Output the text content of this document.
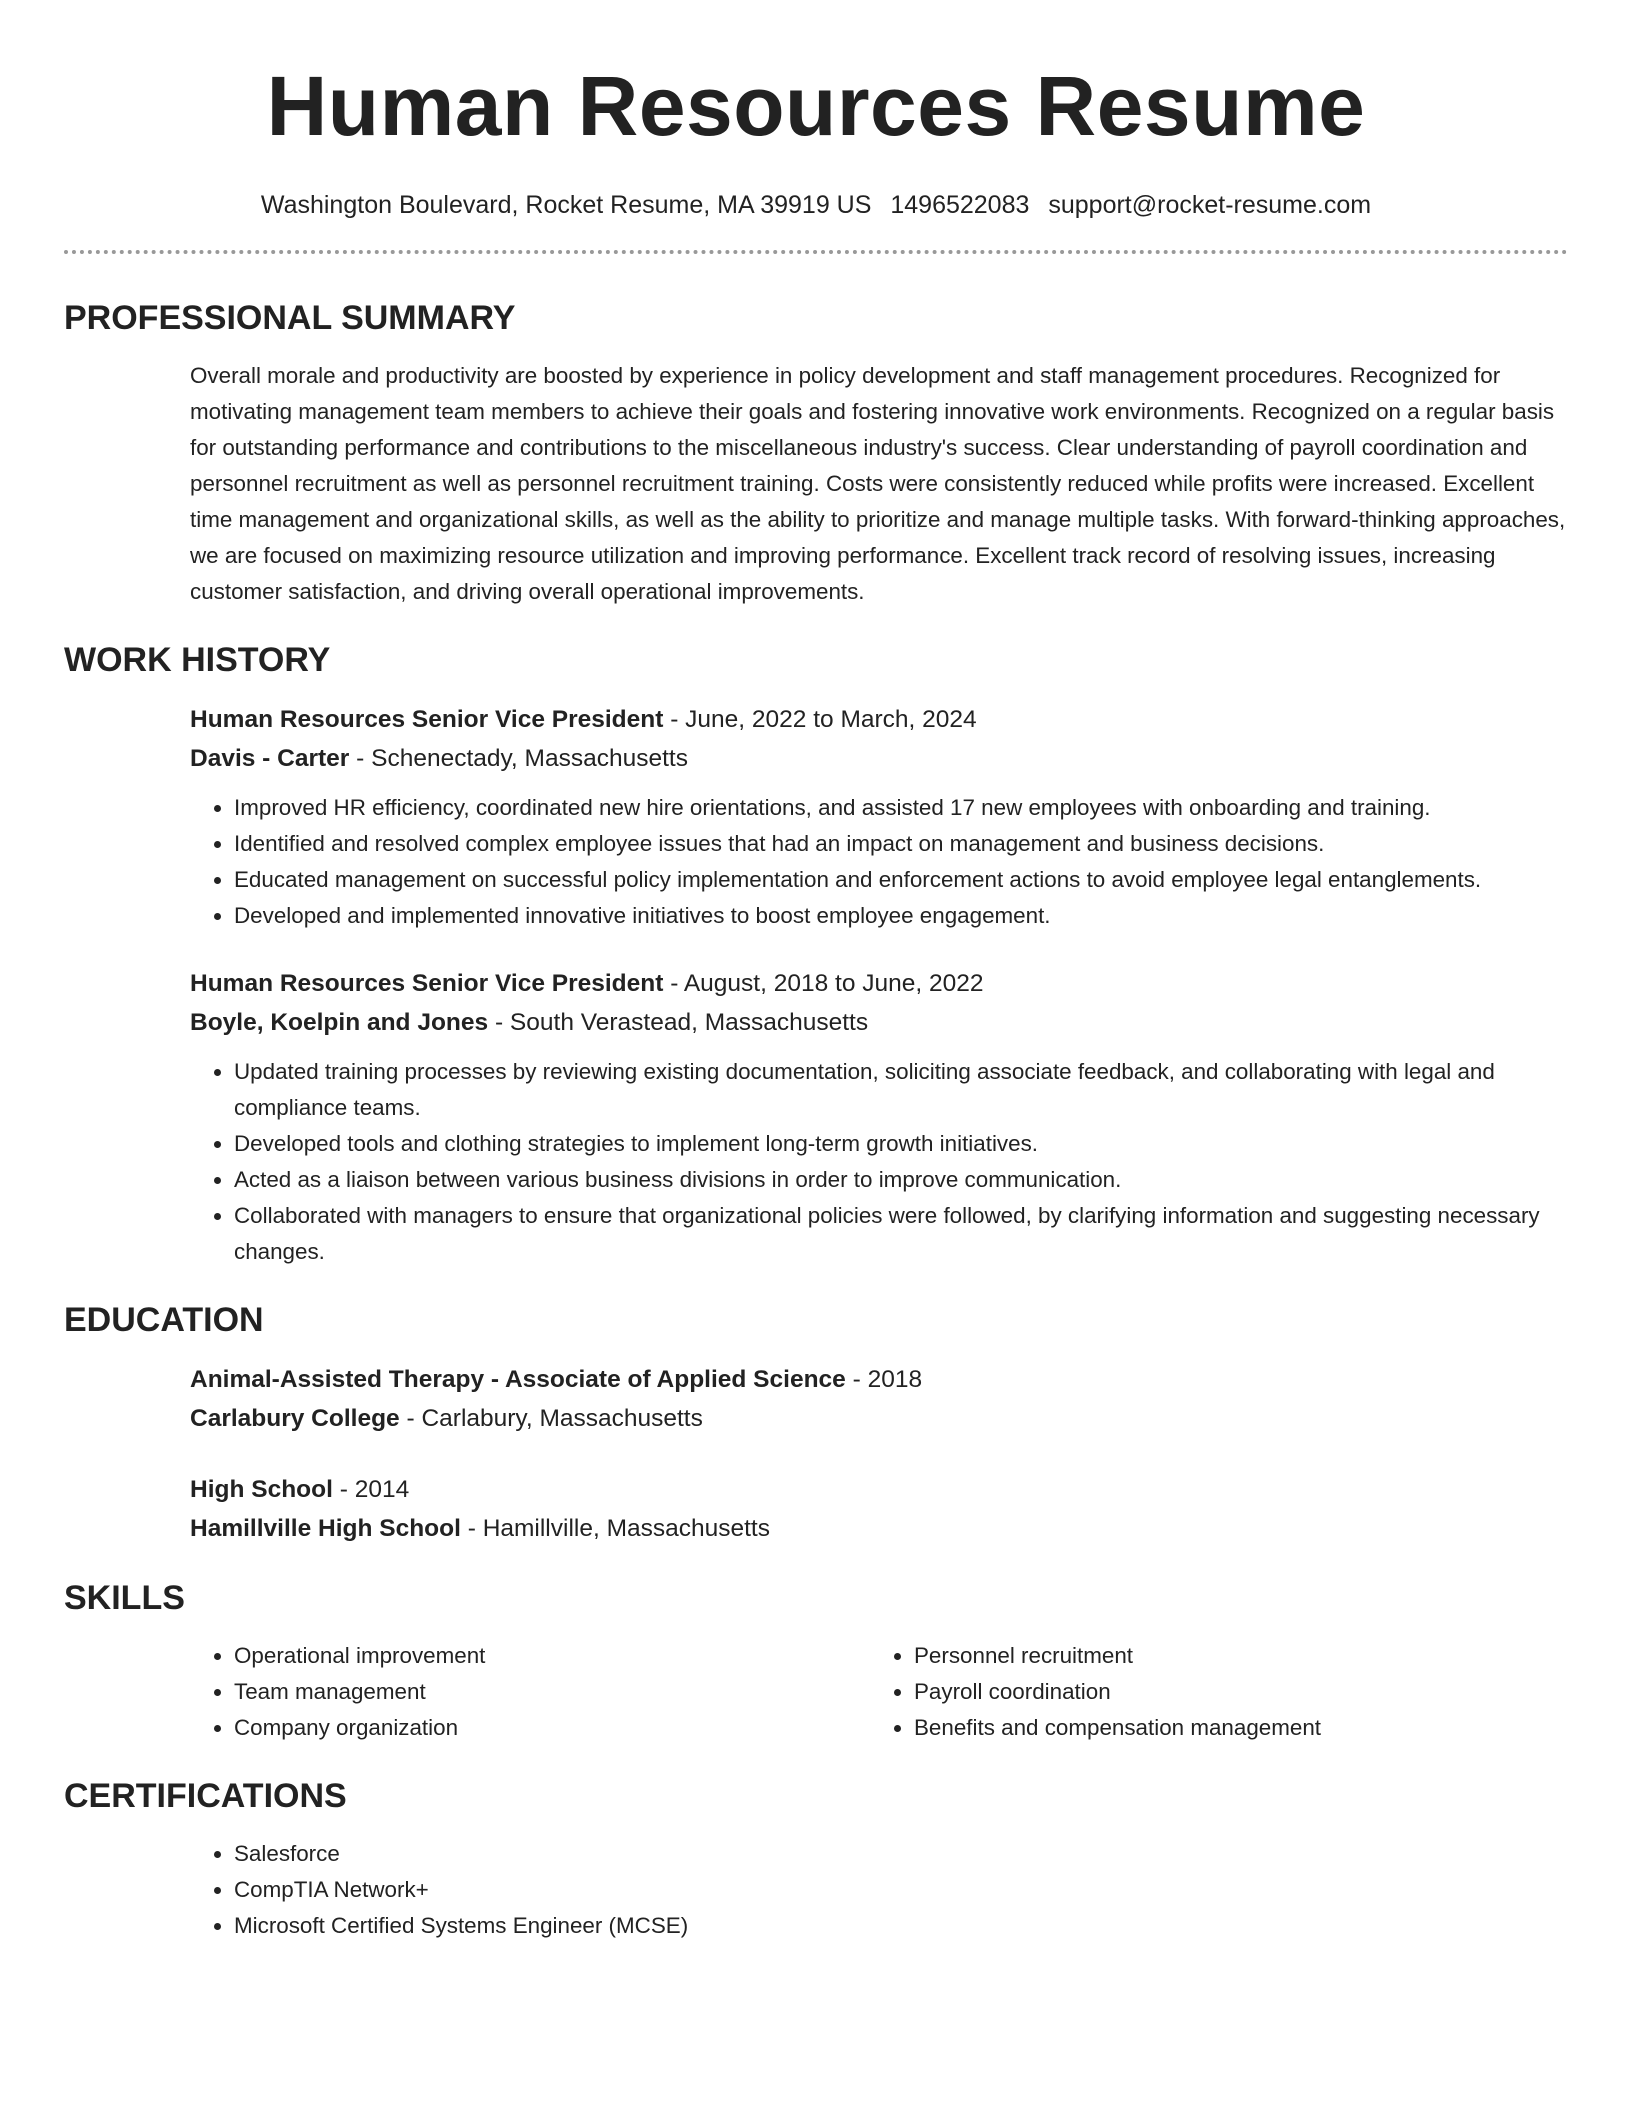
Human Resources Resume
Washington Boulevard, Rocket Resume, MA 39919 US 1496522083 support@rocket-resume.com
PROFESSIONAL SUMMARY

Overall morale and productivity are boosted by experience in policy development and staff management procedures. Recognized for motivating management team members to achieve their goals and fostering innovative work environments. Recognized on a regular basis for outstanding performance and contributions to the miscellaneous industry's success. Clear understanding of payroll coordination and personnel recruitment as well as personnel recruitment training. Costs were consistently reduced while profits were increased. Excellent time management and organizational skills, as well as the ability to prioritize and manage multiple tasks. With forward-thinking approaches, we are focused on maximizing resource utilization and improving performance. Excellent track record of resolving issues, increasing customer satisfaction, and driving overall operational improvements.

WORK HISTORY
Human Resources Senior Vice President - June, 2022 to March, 2024
Davis - Carter - Schenectady, Massachusetts
• Improved HR efficiency, coordinated new hire orientations, and assisted 17 new employees with onboarding and training.
• Identified and resolved complex employee issues that had an impact on management and business decisions.
• Educated management on successful policy implementation and enforcement actions to avoid employee legal entanglements.
• Developed and implemented innovative initiatives to boost employee engagement.
Human Resources Senior Vice President - August, 2018 to June, 2022
Boyle, Koelpin and Jones - South Verastead, Massachusetts
• Updated training processes by reviewing existing documentation, soliciting associate feedback, and collaborating with legal and compliance teams.
• Developed tools and clothing strategies to implement long-term growth initiatives.
• Acted as a liaison between various business divisions in order to improve communication.
• Collaborated with managers to ensure that organizational policies were followed, by clarifying information and suggesting necessary changes.
EDUCATION
Animal-Assisted Therapy - Associate of Applied Science - 2018
Carlabury College - Carlabury, Massachusetts
High School - 2014
Hamillville High School - Hamillville, Massachusetts
SKILLS
• Operational improvement
• Team management
• Company organization
• Personnel recruitment
• Payroll coordination
• Benefits and compensation management
CERTIFICATIONS
• Salesforce
• CompTIA Network+
• Microsoft Certified Systems Engineer (MCSE)
